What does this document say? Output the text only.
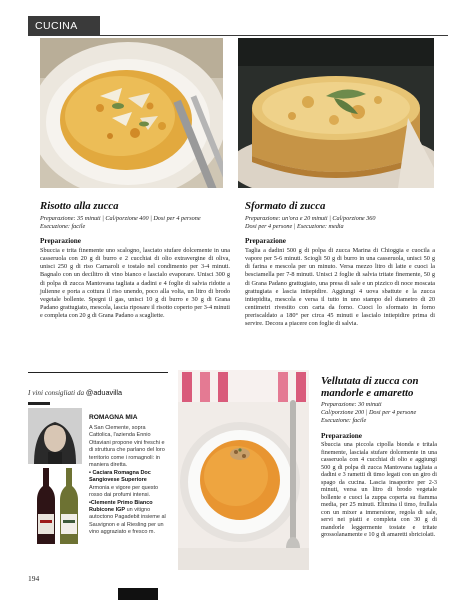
CUCINA
Risotto alla zucca
Preparazione: 35 minuti | Cal/porzione 400 | Dosi per 4 persone
Esecuzione: facile
Preparazione
Sbuccia e trita finemente uno scalogno, lasciato stufare dolcemente in una casseruola con 20 g di burro e 2 cucchiai di olio extravergine di oliva, unisci 250 g di riso Carnaroli e tostalo nel condimento per 3-4 minuti. Bagnalo con un decilitro di vino bianco e lascialo evaporare. Unisci 300 g di polpa di zucca Mantovana tagliata a dadini e 4 foglie di salvia ridotte a julienne e porta a cottura il riso unendo, poco alla volta, un litro di brodo vegetale bollente. Spegni il gas, unisci 10 g di burro e 30 g di Grana Padano grattugiato, mescola, lascia riposare il risotto coperto per 3-4 minuti e completa con 20 g di Grana Padano a scagliette.
Sformato di zucca
Preparazione: un'ora e 20 minuti | Cal/porzione 360
Dosi per 4 persone | Esecuzione: media
Preparazione
Taglia a dadini 500 g di polpa di zucca Marina di Chioggia e cuocila a vapore per 5-6 minuti. Sciogli 50 g di burro in una casseruola, unisci 50 g di farina e mescola per un minuto. Versa mezzo litro di latte e cuoci la besciamella per 7-8 minuti. Unisci 2 foglie di salvia tritate finemente, 50 g di Grana Padano grattugiato, una presa di sale e un pizzico di noce moscata grattugiata e lascia intiepidire. Aggiungi 4 uova sbattute e la zucca intiepidita, mescola e versa il tutto in uno stampo del diametro di 20 centimetri rivestito con carta da forno. Cuoci lo sformato in forno preriscaldato a 180° per circa 45 minuti e lascialo intiepidire prima di servire. Decora a piacere con foglie di salvia.
I vini consigliati da @aduavilla
ROMAGNA MIA
A San Clemente, sopra Cattolica, l'azienda Ennio Ottaviani propone vini freschi e di struttura che parlano del loro territorio come i romagnoli: in maniera diretta.
• Caciara Romagna Doc Sangiovese Superiore
Armonia e vigore per questo rosso dai profumi intensi.
•Clemente Primo Bianco Rubicone IGP un vitigno autoctono Pagadebit insieme al Sauvignon e al Riesling per un vino aggraziato e fresco m.
Vellutata di zucca con mandorle e amaretto
Preparazione: 30 minuti
Cal/porzione 200 | Dosi per 4 persone
Esecuzione: facile
Preparazione
Sbuccia una piccola cipolla bionda e tritala finemente, lasciala stufare dolcemente in una casseruola con 4 cucchiai di olio e aggiungi 500 g di polpa di zucca Mantovana tagliata a dadini e 3 rametti di timo legati con un giro di spago da cucina. Lascia insaporire per 2-3 minuti, versa un litro di brodo vegetale bollente e cuoci la zuppa coperta su fiamma media, per 25 minuti. Elimina il timo, frullala con un mixer a immersione, regola di sale, servi nei piatti e completa con 30 g di mandorle leggermente tostate e tritate grossolanamente e 10 g di amaretti sbriciolati.
194
